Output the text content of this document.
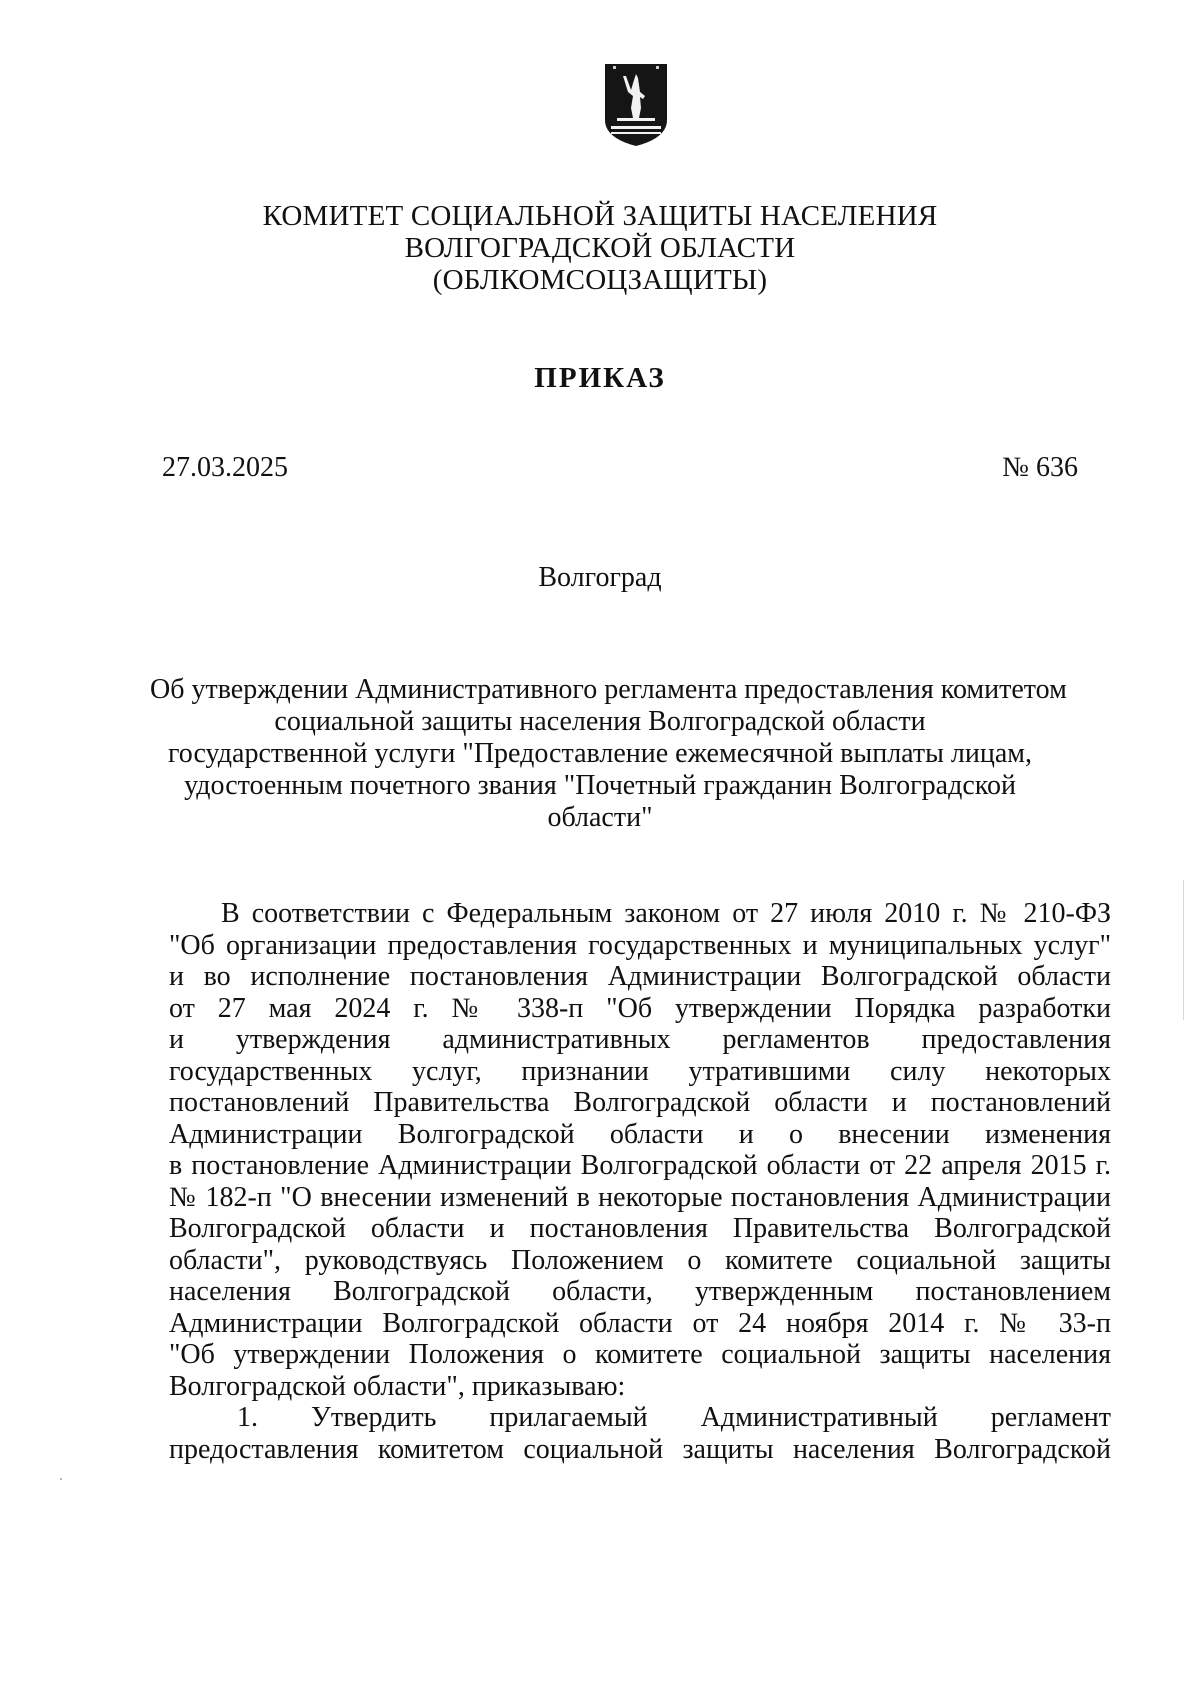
КОМИТЕТ СОЦИАЛЬНОЙ ЗАЩИТЫ НАСЕЛЕНИЯ
ВОЛГОГРАДСКОЙ ОБЛАСТИ
(ОБЛКОМСОЦЗАЩИТЫ)
ПРИКАЗ
27.03.2025	№ 636
Волгоград
Об утверждении Административного регламента предоставления комитетом
социальной защиты населения Волгоградской области
государственной услуги "Предоставление ежемесячной выплаты лицам,
удостоенным почетного звания "Почетный гражданин Волгоградской
области"
В соответствии с Федеральным законом от 27 июля 2010 г. № 210-ФЗ
"Об организации предоставления государственных и муниципальных услуг"
и во исполнение постановления Администрации Волгоградской области
от 27 мая 2024 г. № 338-п "Об утверждении Порядка разработки
и утверждения административных регламентов предоставления
государственных услуг, признании утратившими силу некоторых
постановлений Правительства Волгоградской области и постановлений
Администрации Волгоградской области и о внесении изменения
в постановление Администрации Волгоградской области от 22 апреля 2015 г.
№ 182-п "О внесении изменений в некоторые постановления Администрации
Волгоградской области и постановления Правительства Волгоградской
области", руководствуясь Положением о комитете социальной защиты
населения Волгоградской области, утвержденным постановлением
Администрации Волгоградской области от 24 ноября 2014 г. № 33-п
"Об утверждении Положения о комитете социальной защиты населения
Волгоградской области", приказываю:
1. Утвердить прилагаемый Административный регламент
предоставления комитетом социальной защиты населения Волгоградской
